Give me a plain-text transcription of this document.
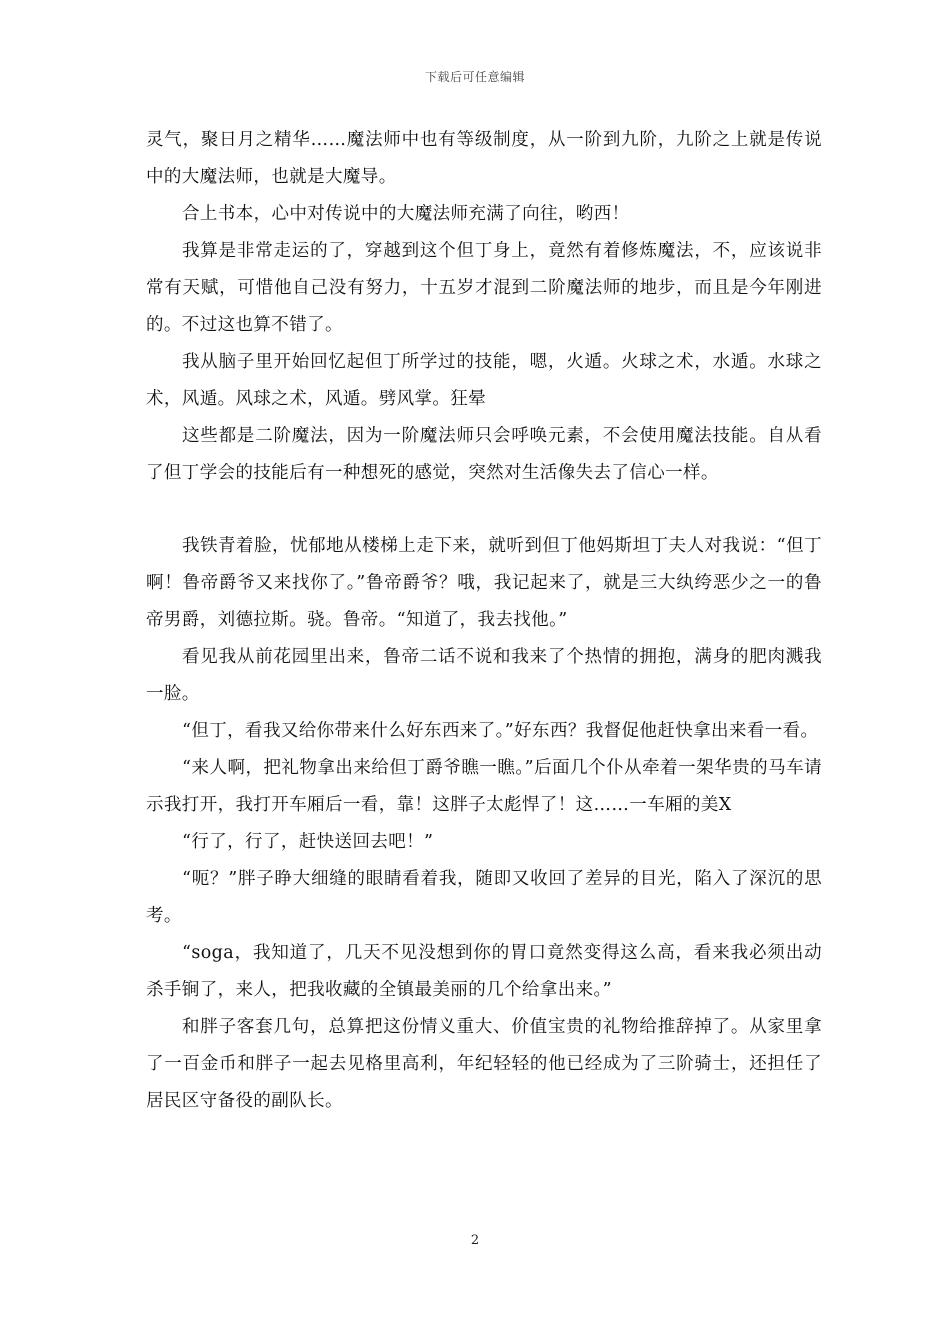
下载后可任意编辑

灵气，聚日月之精华……魔法师中也有等级制度，从一阶到九阶，九阶之上就是传说中的大魔法师，也就是大魔导。

合上书本，心中对传说中的大魔法师充满了向往，哟西！

我算是非常走运的了，穿越到这个但丁身上，竟然有着修炼魔法，不，应该说非常有天赋，可惜他自己没有努力，十五岁才混到二阶魔法师的地步，而且是今年刚进的。不过这也算不错了。

我从脑子里开始回忆起但丁所学过的技能，嗯，火遁。火球之术，水遁。水球之术，风遁。风球之术，风遁。劈风掌。狂晕

这些都是二阶魔法，因为一阶魔法师只会呼唤元素，不会使用魔法技能。自从看了但丁学会的技能后有一种想死的感觉，突然对生活像失去了信心一样。

我铁青着脸，忧郁地从楼梯上走下来，就听到但丁他妈斯坦丁夫人对我说：“但丁啊！鲁帝爵爷又来找你了。”鲁帝爵爷？哦，我记起来了，就是三大纨绔恶少之一的鲁帝男爵，刘德拉斯。骁。鲁帝。“知道了，我去找他。”

看见我从前花园里出来，鲁帝二话不说和我来了个热情的拥抱，满身的肥肉溅我一脸。

“但丁，看我又给你带来什么好东西来了。”好东西？我督促他赶快拿出来看一看。

“来人啊，把礼物拿出来给但丁爵爷瞧一瞧。”后面几个仆从牵着一架华贵的马车请示我打开，我打开车厢后一看，靠！这胖子太彪悍了！这……一车厢的美X

“行了，行了，赶快送回去吧！”

“呃？”胖子睁大细缝的眼睛看着我，随即又收回了差异的目光，陷入了深沉的思考。

“soga，我知道了，几天不见没想到你的胃口竟然变得这么高，看来我必须出动杀手锏了，来人，把我收藏的全镇最美丽的几个给拿出来。”

和胖子客套几句，总算把这份情义重大、价值宝贵的礼物给推辞掉了。从家里拿了一百金币和胖子一起去见格里高利，年纪轻轻的他已经成为了三阶骑士，还担任了居民区守备役的副队长。

2
